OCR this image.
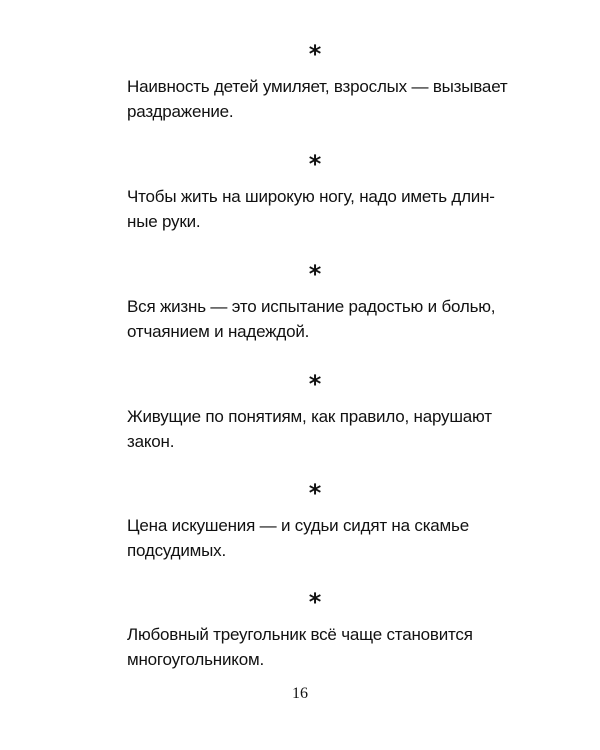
*
Наивность детей умиляет, взрослых — вызывает
раздражение.
*
Чтобы жить на широкую ногу, надо иметь длин-
ные руки.
*
Вся жизнь — это испытание радостью и болью,
отчаянием и надеждой.
*
Живущие по понятиям, как правило, нарушают
закон.
*
Цена искушения — и судьи сидят на скамье
подсудимых.
*
Любовный треугольник всё чаще становится
многоугольником.
16
